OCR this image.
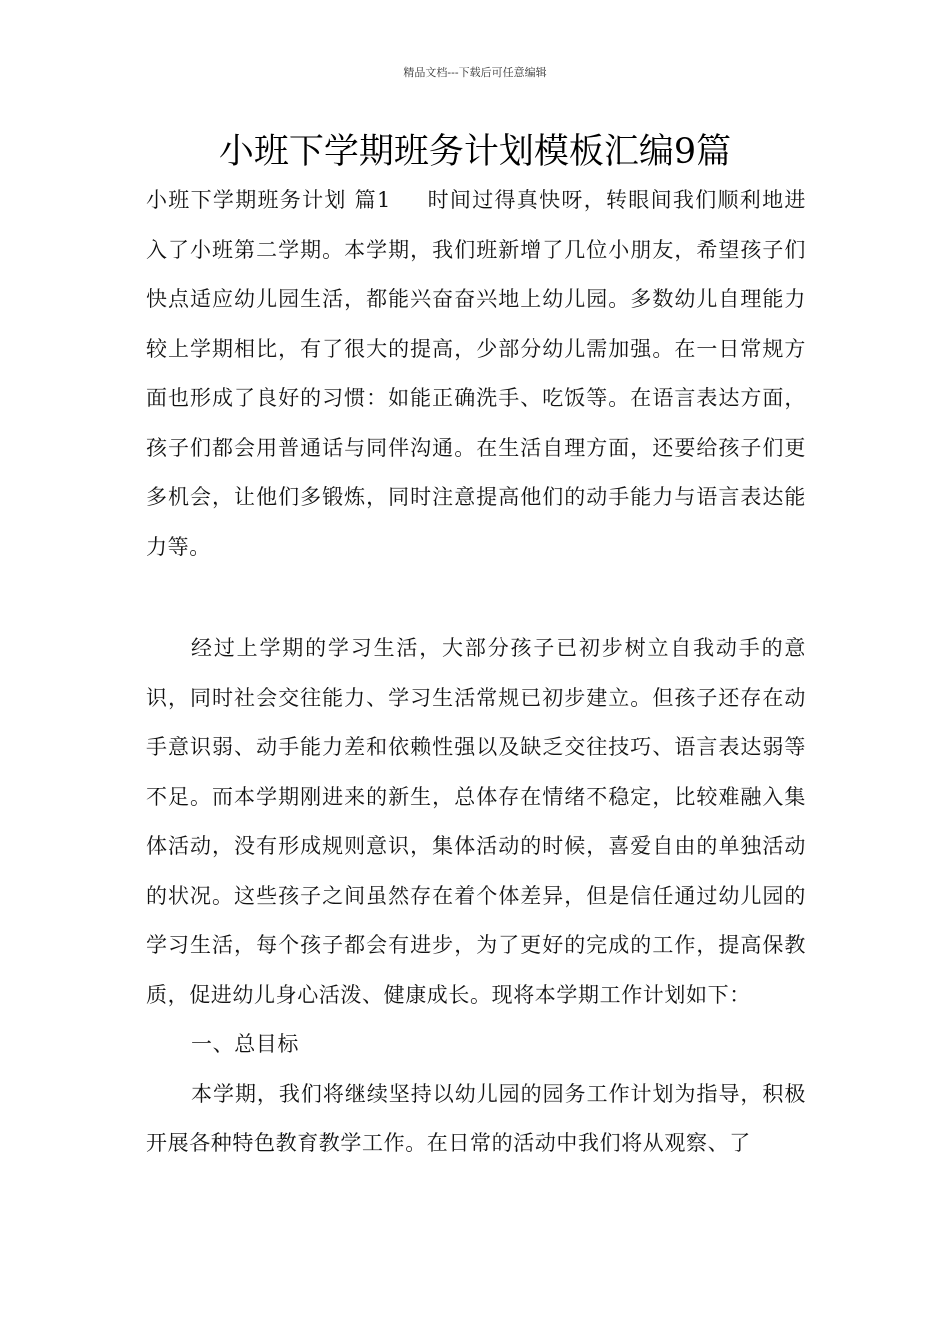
精品文档---下载后可任意编辑
小班下学期班务计划模板汇编9篇

小班下学期班务计划 篇1 时间过得真快呀，转眼间我们顺利地进入了小班第二学期。本学期，我们班新增了几位小朋友，希望孩子们快点适应幼儿园生活，都能兴奋奋兴地上幼儿园。多数幼儿自理能力较上学期相比，有了很大的提高，少部分幼儿需加强。在一日常规方面也形成了良好的习惯：如能正确洗手、吃饭等。在语言表达方面，孩子们都会用普通话与同伴沟通。在生活自理方面，还要给孩子们更多机会，让他们多锻炼，同时注意提高他们的动手能力与语言表达能力等。

经过上学期的学习生活，大部分孩子已初步树立自我动手的意识，同时社会交往能力、学习生活常规已初步建立。但孩子还存在动手意识弱、动手能力差和依赖性强以及缺乏交往技巧、语言表达弱等不足。而本学期刚进来的新生，总体存在情绪不稳定，比较难融入集体活动，没有形成规则意识，集体活动的时候，喜爱自由的单独活动的状况。这些孩子之间虽然存在着个体差异，但是信任通过幼儿园的学习生活，每个孩子都会有进步，为了更好的完成的工作，提高保教质，促进幼儿身心活泼、健康成长。现将本学期工作计划如下：

一、总目标

本学期，我们将继续坚持以幼儿园的园务工作计划为指导，积极开展各种特色教育教学工作。在日常的活动中我们将从观察、了
